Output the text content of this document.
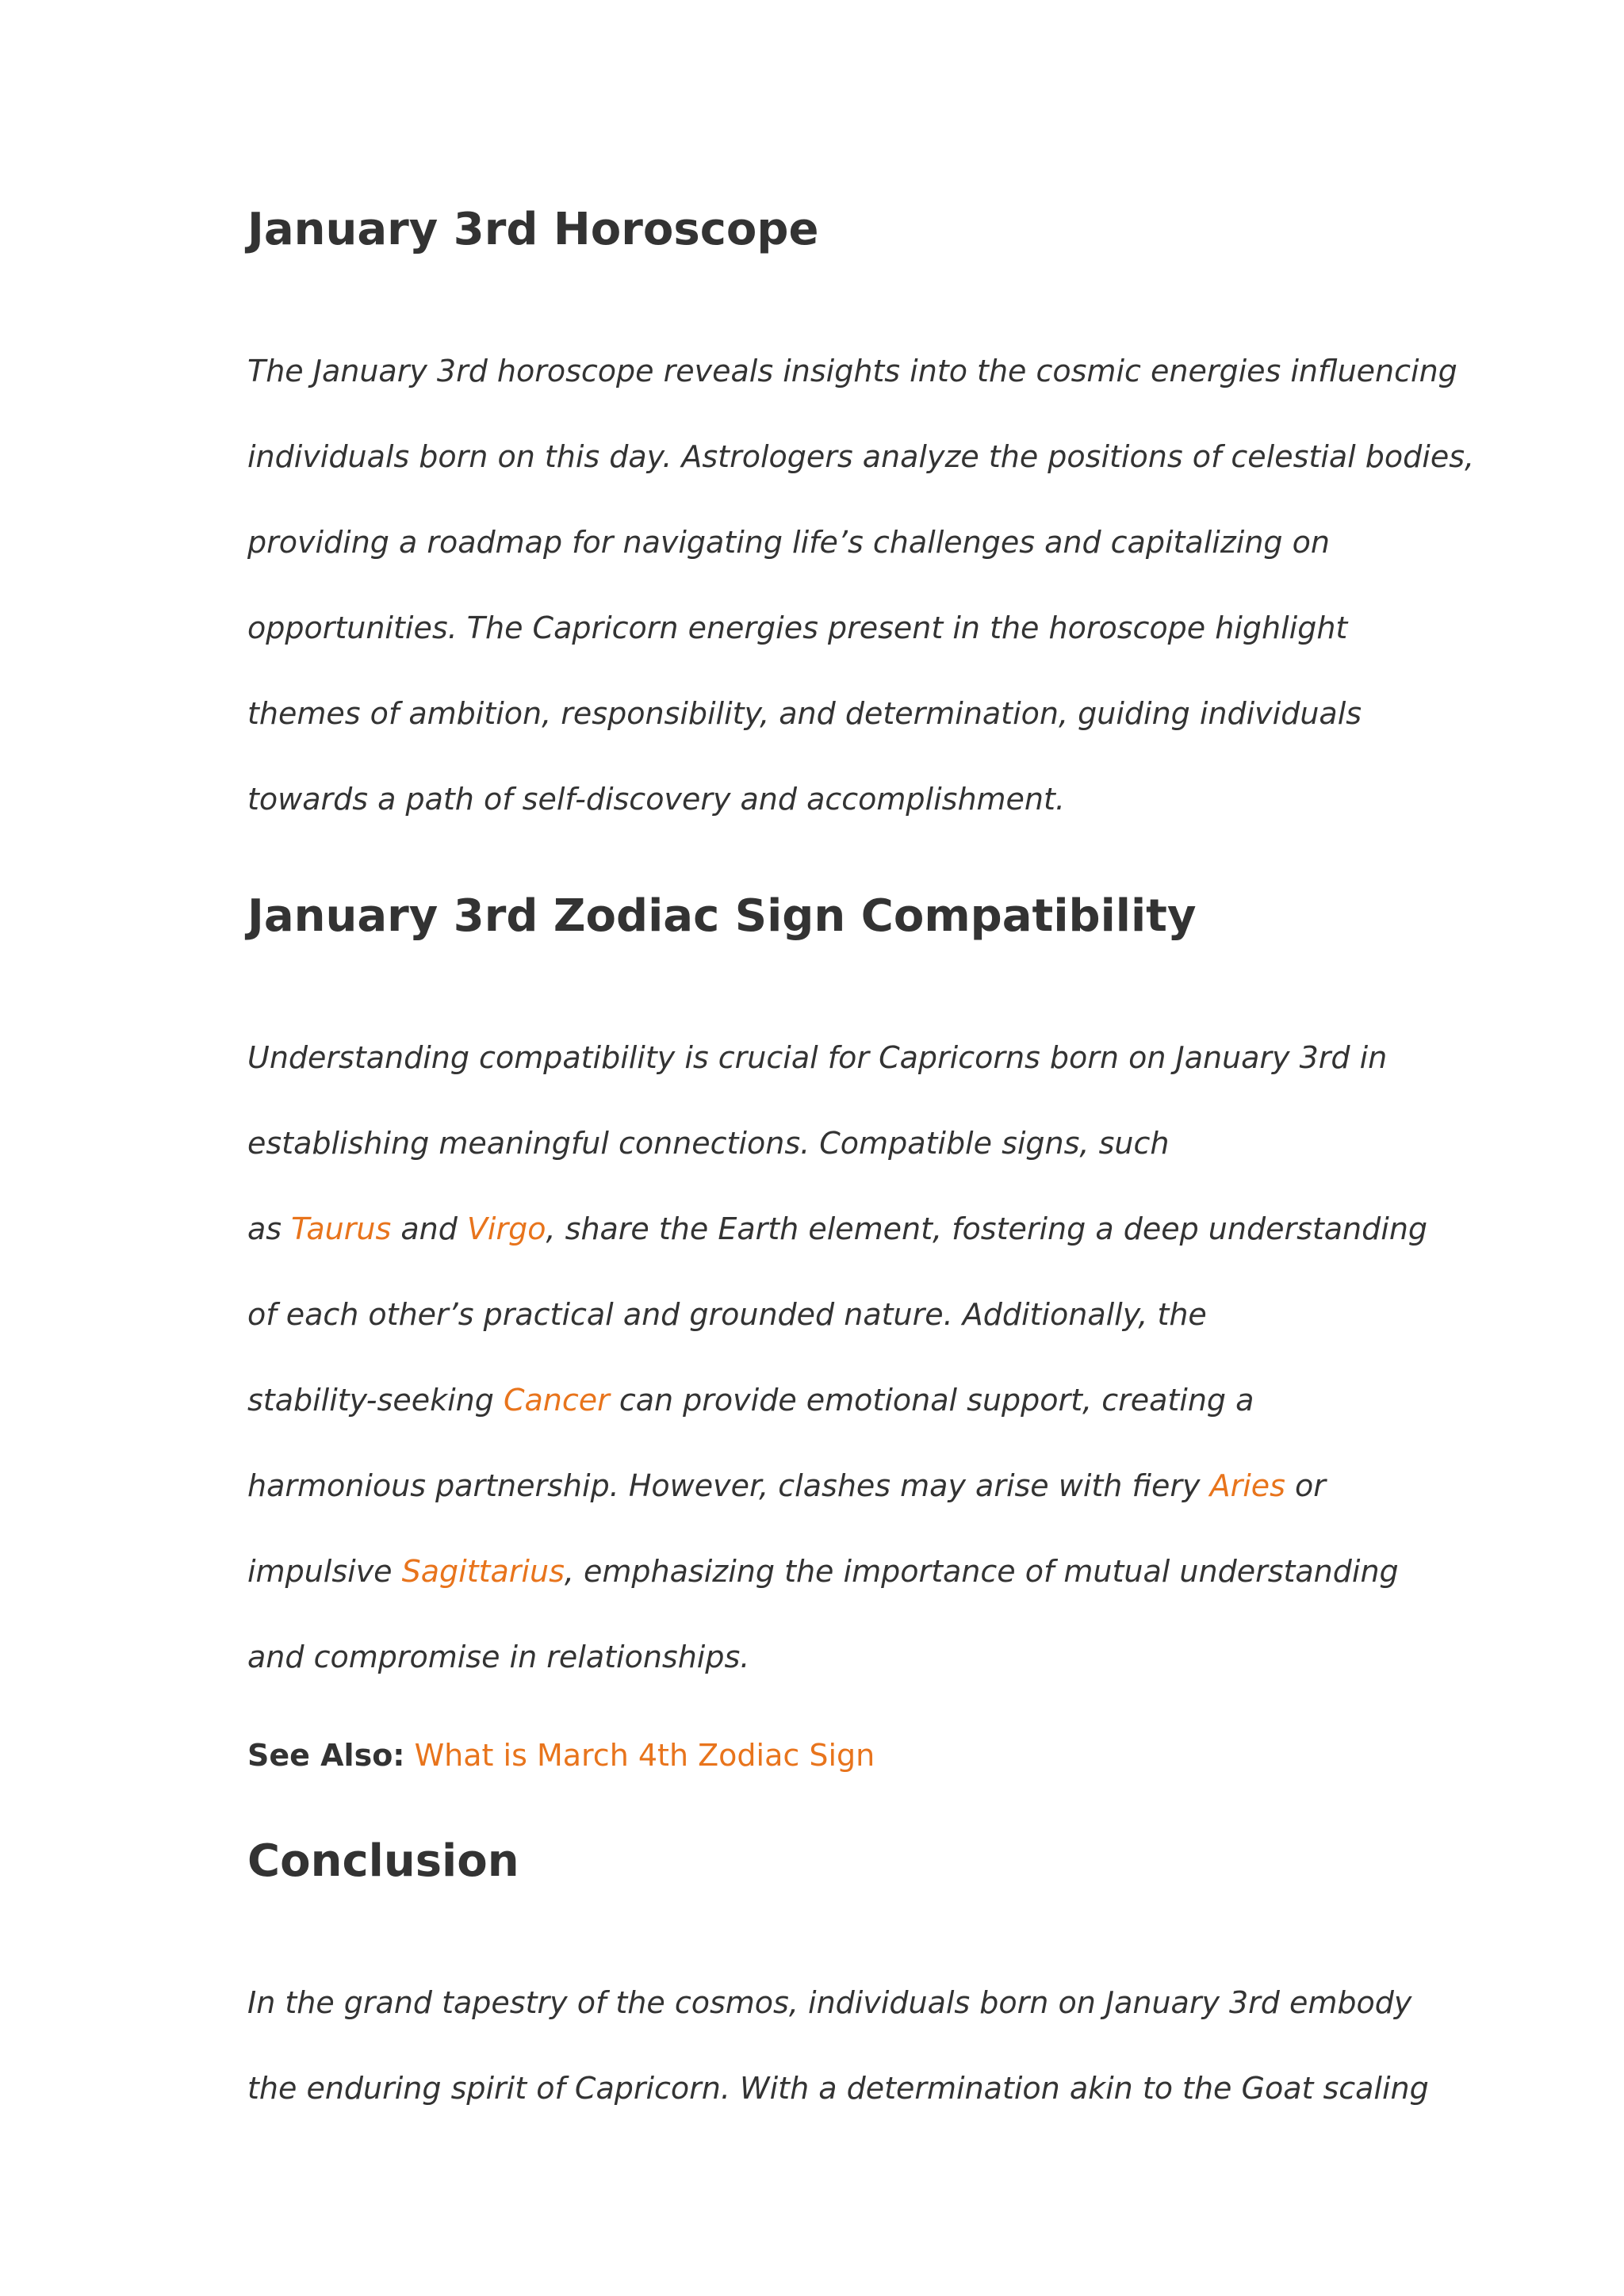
January 3rd Horoscope

The January 3rd horoscope reveals insights into the cosmic energies influencing
individuals born on this day. Astrologers analyze the positions of celestial bodies,
providing a roadmap for navigating life’s challenges and capitalizing on
opportunities. The Capricorn energies present in the horoscope highlight
themes of ambition, responsibility, and determination, guiding individuals
towards a path of self-discovery and accomplishment.

January 3rd Zodiac Sign Compatibility

Understanding compatibility is crucial for Capricorns born on January 3rd in
establishing meaningful connections. Compatible signs, such
as Taurus and Virgo, share the Earth element, fostering a deep understanding
of each other’s practical and grounded nature. Additionally, the
stability-seeking Cancer can provide emotional support, creating a
harmonious partnership. However, clashes may arise with fiery Aries or
impulsive Sagittarius, emphasizing the importance of mutual understanding
and compromise in relationships.

See Also: What is March 4th Zodiac Sign
Conclusion

In the grand tapestry of the cosmos, individuals born on January 3rd embody
the enduring spirit of Capricorn. With a determination akin to the Goat scaling
